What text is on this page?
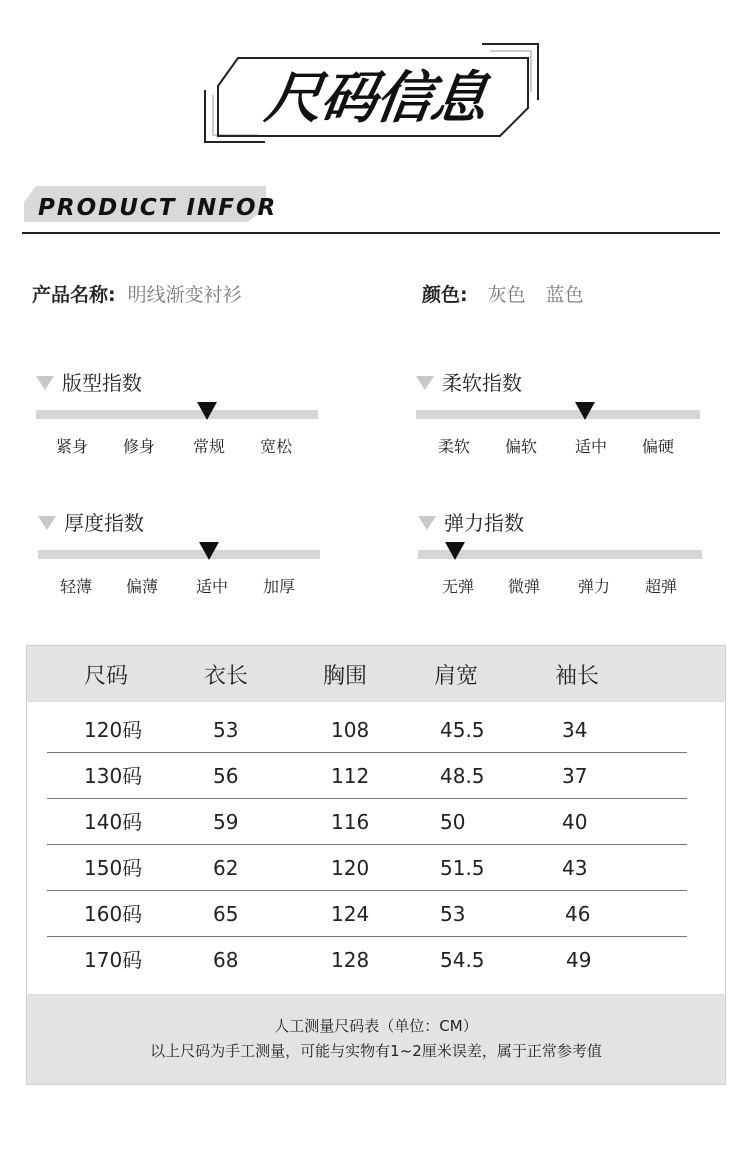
尺码信息
PRODUCT INFOR
产品名称: 明线渐变衬衫	颜色: 灰色 蓝色
版型指数
紧身 修身 常规 宽松
柔软指数
柔软 偏软 适中 偏硬
厚度指数
轻薄 偏薄 适中 加厚
弹力指数
无弹 微弹 弹力 超弹
尺码	衣长	胸围	肩宽	袖长
120码	53	108	45.5	34
130码	56	112	48.5	37
140码	59	116	50	40
150码	62	120	51.5	43
160码	65	124	53	46
170码	68	128	54.5	49
人工测量尺码表（单位：CM）
以上尺码为手工测量，可能与实物有1~2厘米误差，属于正常参考值
